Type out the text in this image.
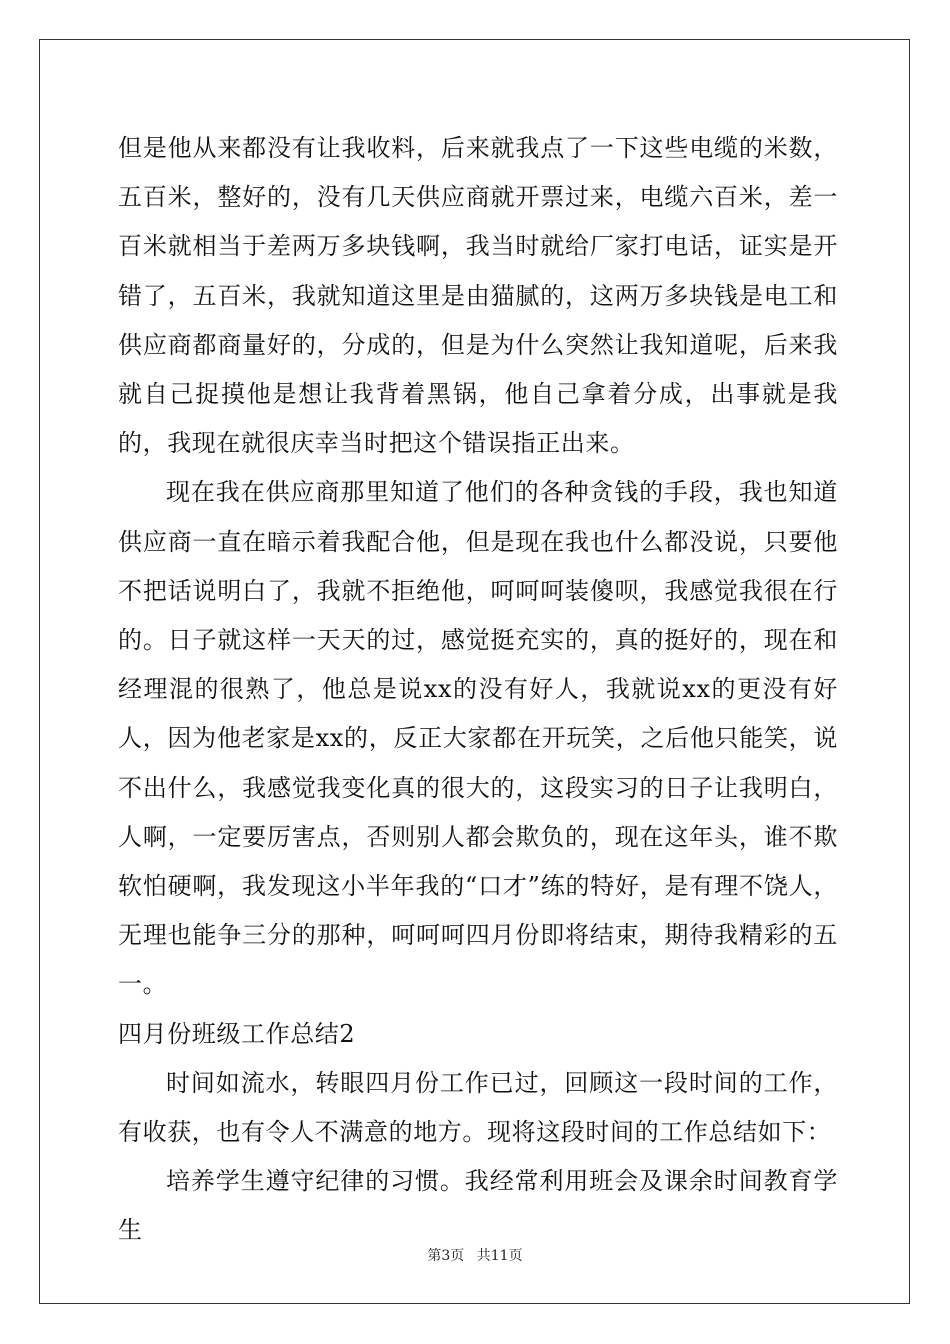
但是他从来都没有让我收料，后来就我点了一下这些电缆的米数，五百米，整好的，没有几天供应商就开票过来，电缆六百米，差一百米就相当于差两万多块钱啊，我当时就给厂家打电话，证实是开错了，五百米，我就知道这里是由猫腻的，这两万多块钱是电工和供应商都商量好的，分成的，但是为什么突然让我知道呢，后来我就自己捉摸他是想让我背着黑锅，他自己拿着分成，出事就是我的，我现在就很庆幸当时把这个错误指正出来。

现在我在供应商那里知道了他们的各种贪钱的手段，我也知道供应商一直在暗示着我配合他，但是现在我也什么都没说，只要他不把话说明白了，我就不拒绝他，呵呵呵装傻呗，我感觉我很在行的。日子就这样一天天的过，感觉挺充实的，真的挺好的，现在和经理混的很熟了，他总是说xx的没有好人，我就说xx的更没有好人，因为他老家是xx的，反正大家都在开玩笑，之后他只能笑，说不出什么，我感觉我变化真的很大的，这段实习的日子让我明白，人啊，一定要厉害点，否则别人都会欺负的，现在这年头，谁不欺软怕硬啊，我发现这小半年我的“口才”练的特好，是有理不饶人，无理也能争三分的那种，呵呵呵四月份即将结束，期待我精彩的五一。

四月份班级工作总结2

时间如流水，转眼四月份工作已过，回顾这一段时间的工作，有收获，也有令人不满意的地方。现将这段时间的工作总结如下：

培养学生遵守纪律的习惯。我经常利用班会及课余时间教育学生

第3页 共11页
